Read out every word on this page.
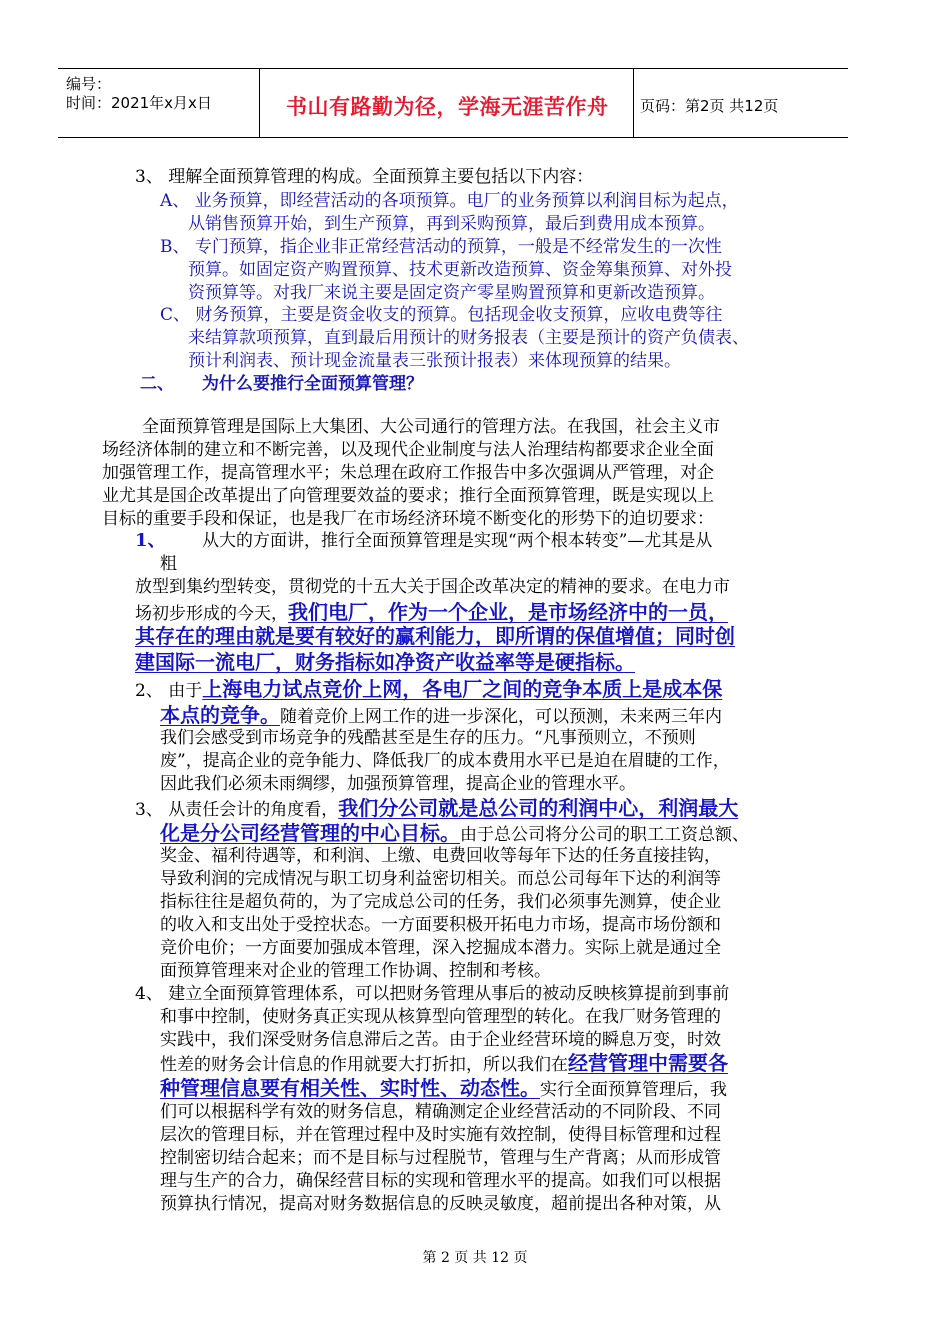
编号：
时间：2021年x月x日	书山有路勤为径，学海无涯苦作舟 页码：第2页 共12页
3、 理解全面预算管理的构成。全面预算主要包括以下内容：
A、 业务预算，即经营活动的各项预算。电厂的业务预算以利润目标为起点，
从销售预算开始，到生产预算，再到采购预算，最后到费用成本预算。
B、 专门预算，指企业非正常经营活动的预算，一般是不经常发生的一次性
预算。如固定资产购置预算、技术更新改造预算、资金筹集预算、对外投
资预算等。对我厂来说主要是固定资产零星购置预算和更新改造预算。
C、 财务预算，主要是资金收支的预算。包括现金收支预算，应收电费等往
来结算款项预算，直到最后用预计的财务报表（主要是预计的资产负债表、
预计利润表、预计现金流量表三张预计报表）来体现预算的结果。
二、 为什么要推行全面预算管理？
全面预算管理是国际上大集团、大公司通行的管理方法。在我国，社会主义市
场经济体制的建立和不断完善，以及现代企业制度与法人治理结构都要求企业全面
加强管理工作，提高管理水平；朱总理在政府工作报告中多次强调从严管理，对企
业尤其是国企改革提出了向管理要效益的要求；推行全面预算管理，既是实现以上
目标的重要手段和保证，也是我厂在市场经济环境不断变化的形势下的迫切要求：
1、 从大的方面讲，推行全面预算管理是实现“两个根本转变”—尤其是从
粗
放型到集约型转变，贯彻党的十五大关于国企改革决定的精神的要求。在电力市
场初步形成的今天，我们电厂，作为一个企业，是市场经济中的一员，
其存在的理由就是要有较好的赢利能力，即所谓的保值增值；同时创
建国际一流电厂，财务指标如净资产收益率等是硬指标。
2、 由于上海电力试点竞价上网，各电厂之间的竞争本质上是成本保
本点的竞争。随着竞价上网工作的进一步深化，可以预测，未来两三年内
我们会感受到市场竞争的残酷甚至是生存的压力。“凡事预则立，不预则
废”，提高企业的竞争能力、降低我厂的成本费用水平已是迫在眉睫的工作，
因此我们必须未雨绸缪，加强预算管理，提高企业的管理水平。
3、 从责任会计的角度看，我们分公司就是总公司的利润中心，利润最大
化是分公司经营管理的中心目标。由于总公司将分公司的职工工资总额、
奖金、福利待遇等，和利润、上缴、电费回收等每年下达的任务直接挂钩，
导致利润的完成情况与职工切身利益密切相关。而总公司每年下达的利润等
指标往往是超负荷的，为了完成总公司的任务，我们必须事先测算，使企业
的收入和支出处于受控状态。一方面要积极开拓电力市场，提高市场份额和
竞价电价；一方面要加强成本管理，深入挖掘成本潜力。实际上就是通过全
面预算管理来对企业的管理工作协调、控制和考核。
4、 建立全面预算管理体系，可以把财务管理从事后的被动反映核算提前到事前
和事中控制，使财务真正实现从核算型向管理型的转化。在我厂财务管理的
实践中，我们深受财务信息滞后之苦。由于企业经营环境的瞬息万变，时效
性差的财务会计信息的作用就要大打折扣，所以我们在经营管理中需要各
种管理信息要有相关性、实时性、动态性。实行全面预算管理后，我
们可以根据科学有效的财务信息，精确测定企业经营活动的不同阶段、不同
层次的管理目标，并在管理过程中及时实施有效控制，使得目标管理和过程
控制密切结合起来；而不是目标与过程脱节，管理与生产背离；从而形成管
理与生产的合力，确保经营目标的实现和管理水平的提高。如我们可以根据
预算执行情况，提高对财务数据信息的反映灵敏度，超前提出各种对策，从
第 2 页 共 12 页
